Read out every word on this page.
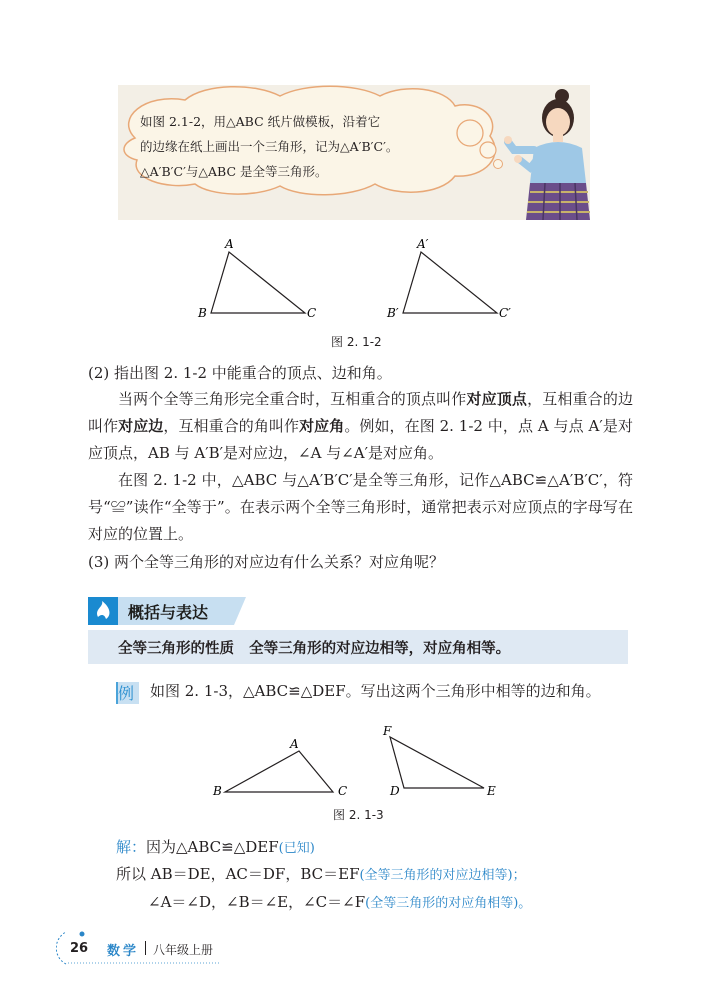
如图 2.1-2，用△ABC 纸片做模板，沿着它
的边缘在纸上画出一个三角形，记为△A′B′C′。
△A′B′C′与△ABC 是全等三角形。
A
B	C
A′
B′	C′
图 2. 1-2
(2) 指出图 2. 1-2 中能重合的顶点、边和角。
当两个全等三角形完全重合时，互相重合的顶点叫作对应顶点，互相重合的边叫作对应边，互相重合的角叫作对应角。例如，在图 2. 1-2 中，点 A 与点 A′是对应顶点，AB 与 A′B′是对应边，∠A 与∠A′是对应角。
在图 2. 1-2 中，△ABC 与△A′B′C′是全等三角形，记作△ABC≌△A′B′C′，符号“≌”读作“全等于”。在表示两个全等三角形时，通常把表示对应顶点的字母写在对应的位置上。
(3) 两个全等三角形的对应边有什么关系？对应角呢？
概括与表达
全等三角形的性质 全等三角形的对应边相等，对应角相等。
例 如图 2. 1-3，△ABC≌△DEF。写出这两个三角形中相等的边和角。
A
B	C
F
D	E
图 2. 1-3
解：因为△ABC≌△DEF(已知)
所以 AB＝DE，AC＝DF，BC＝EF(全等三角形的对应边相等)；
∠A＝∠D，∠B＝∠E，∠C＝∠F(全等三角形的对应角相等)。
26 数学 八年级上册
